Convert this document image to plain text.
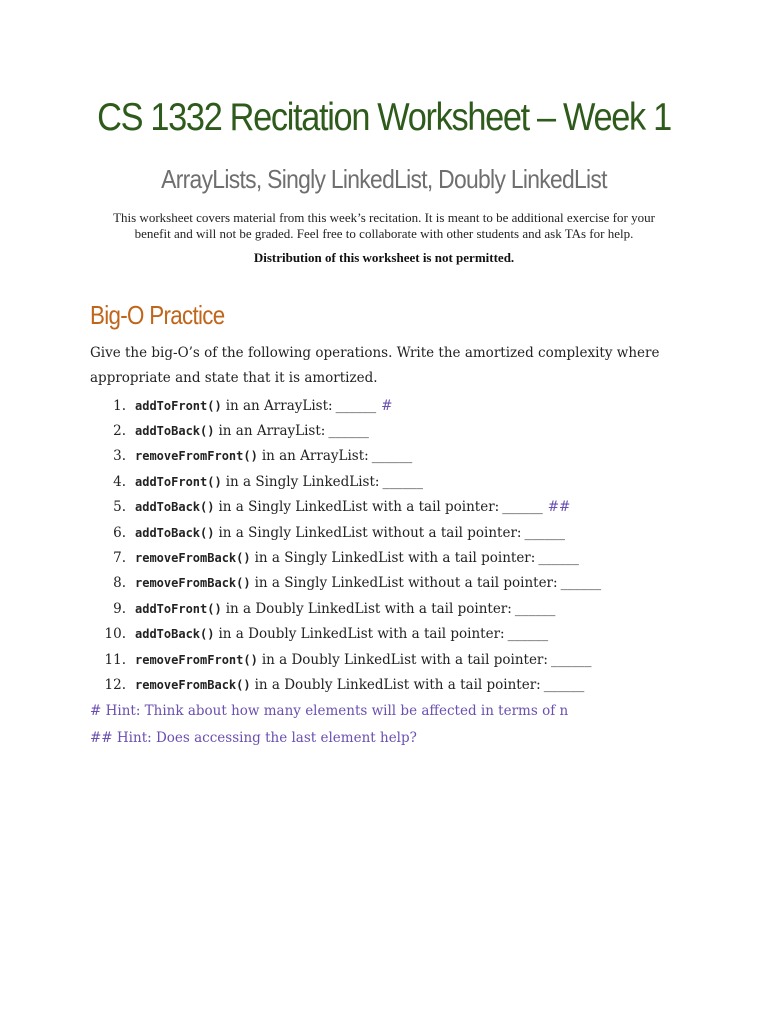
CS 1332 Recitation Worksheet – Week 1
ArrayLists, Singly LinkedList, Doubly LinkedList

This worksheet covers material from this week’s recitation. It is meant to be additional exercise for your benefit and will not be graded. Feel free to collaborate with other students and ask TAs for help.

Distribution of this worksheet is not permitted.

Big-O Practice

Give the big-O’s of the following operations. Write the amortized complexity where appropriate and state that it is amortized.

1. addToFront() in an ArrayList: ______ #
2. addToBack() in an ArrayList: ______
3. removeFromFront() in an ArrayList: ______
4. addToFront() in a Singly LinkedList: ______
5. addToBack() in a Singly LinkedList with a tail pointer: ______ ##
6. addToBack() in a Singly LinkedList without a tail pointer: ______
7. removeFromBack() in a Singly LinkedList with a tail pointer: ______
8. removeFromBack() in a Singly LinkedList without a tail pointer: ______
9. addToFront() in a Doubly LinkedList with a tail pointer: ______
10. addToBack() in a Doubly LinkedList with a tail pointer: ______
11. removeFromFront() in a Doubly LinkedList with a tail pointer: ______
12. removeFromBack() in a Doubly LinkedList with a tail pointer: ______

# Hint: Think about how many elements will be affected in terms of n

## Hint: Does accessing the last element help?
